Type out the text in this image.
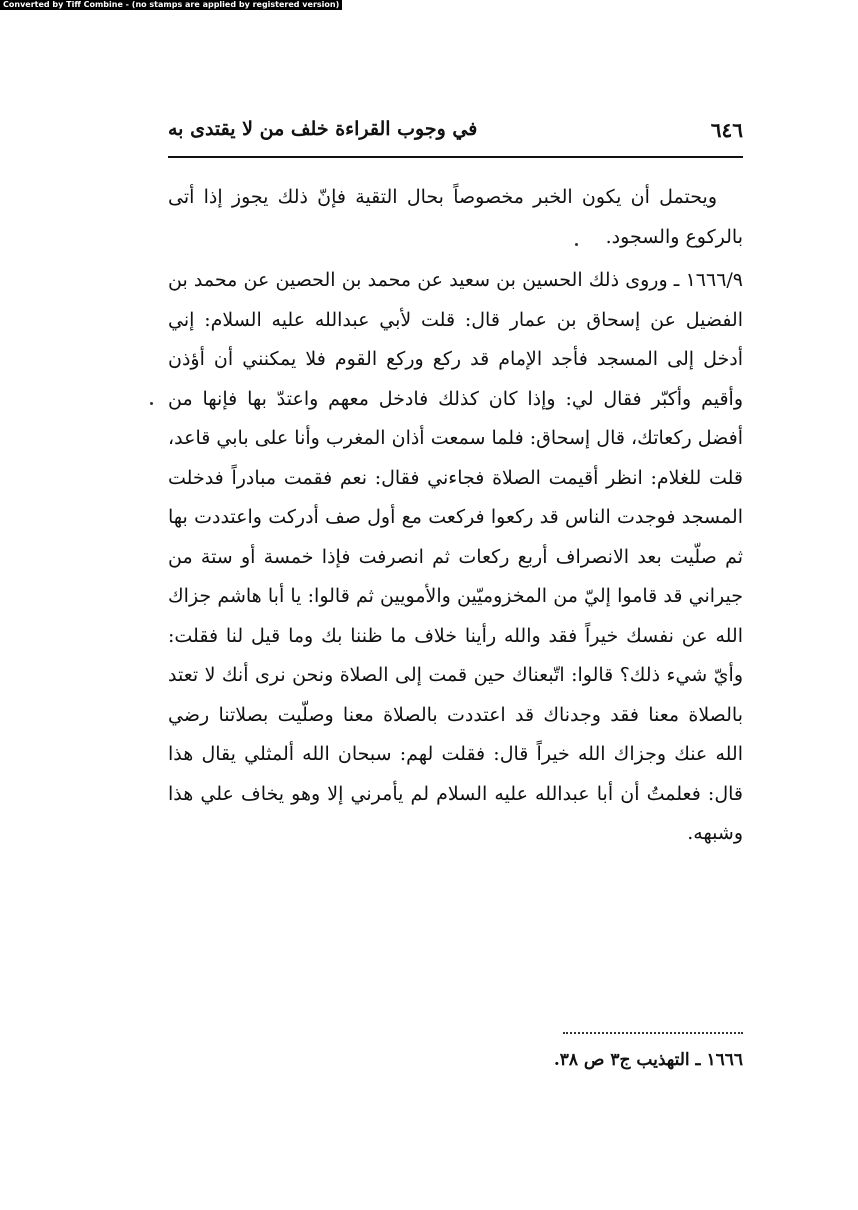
Converted by Tiff Combine - (no stamps are applied by registered version)
٦٤٦
في وجوب القراءة خلف من لا يقتدى به

ويحتمل أن يكون الخبر مخصوصاً بحال التقية فإنّ ذلك يجوز إذا أتى بالركوع والسجود.

١٦٦٦/٩ ـ وروى ذلك الحسين بن سعيد عن محمد بن الحصين عن محمد بن الفضيل عن إسحاق بن عمار قال: قلت لأبي عبدالله عليه السلام: إني أدخل إلى المسجد فأجد الإمام قد ركع وركع القوم فلا يمكنني أن أؤذن وأقيم وأكبّر فقال لي: وإذا كان كذلك فادخل معهم واعتدّ بها فإنها من أفضل ركعاتك، قال إسحاق: فلما سمعت أذان المغرب وأنا على بابي قاعد، قلت للغلام: انظر أقيمت الصلاة فجاءني فقال: نعم فقمت مبادراً فدخلت المسجد فوجدت الناس قد ركعوا فركعت مع أول صف أدركت واعتددت بها ثم صلّيت بعد الانصراف أربع ركعات ثم انصرفت فإذا خمسة أو ستة من جيراني قد قاموا إليّ من المخزوميّين والأمويين ثم قالوا: يا أبا هاشم جزاك الله عن نفسك خيراً فقد والله رأينا خلاف ما ظننا بك وما قيل لنا فقلت: وأيّ شيء ذلك؟ قالوا: اتّبعناك حين قمت إلى الصلاة ونحن نرى أنك لا تعتد بالصلاة معنا فقد وجدناك قد اعتددت بالصلاة معنا وصلّيت بصلاتنا رضي الله عنك وجزاك الله خيراً قال: فقلت لهم: سبحان الله ألمثلي يقال هذا قال: فعلمتُ أن أبا عبدالله عليه السلام لم يأمرني إلا وهو يخاف علي هذا وشبهه.

١٦٦٦ ـ التهذيب ج٣ ص ٣٨.
